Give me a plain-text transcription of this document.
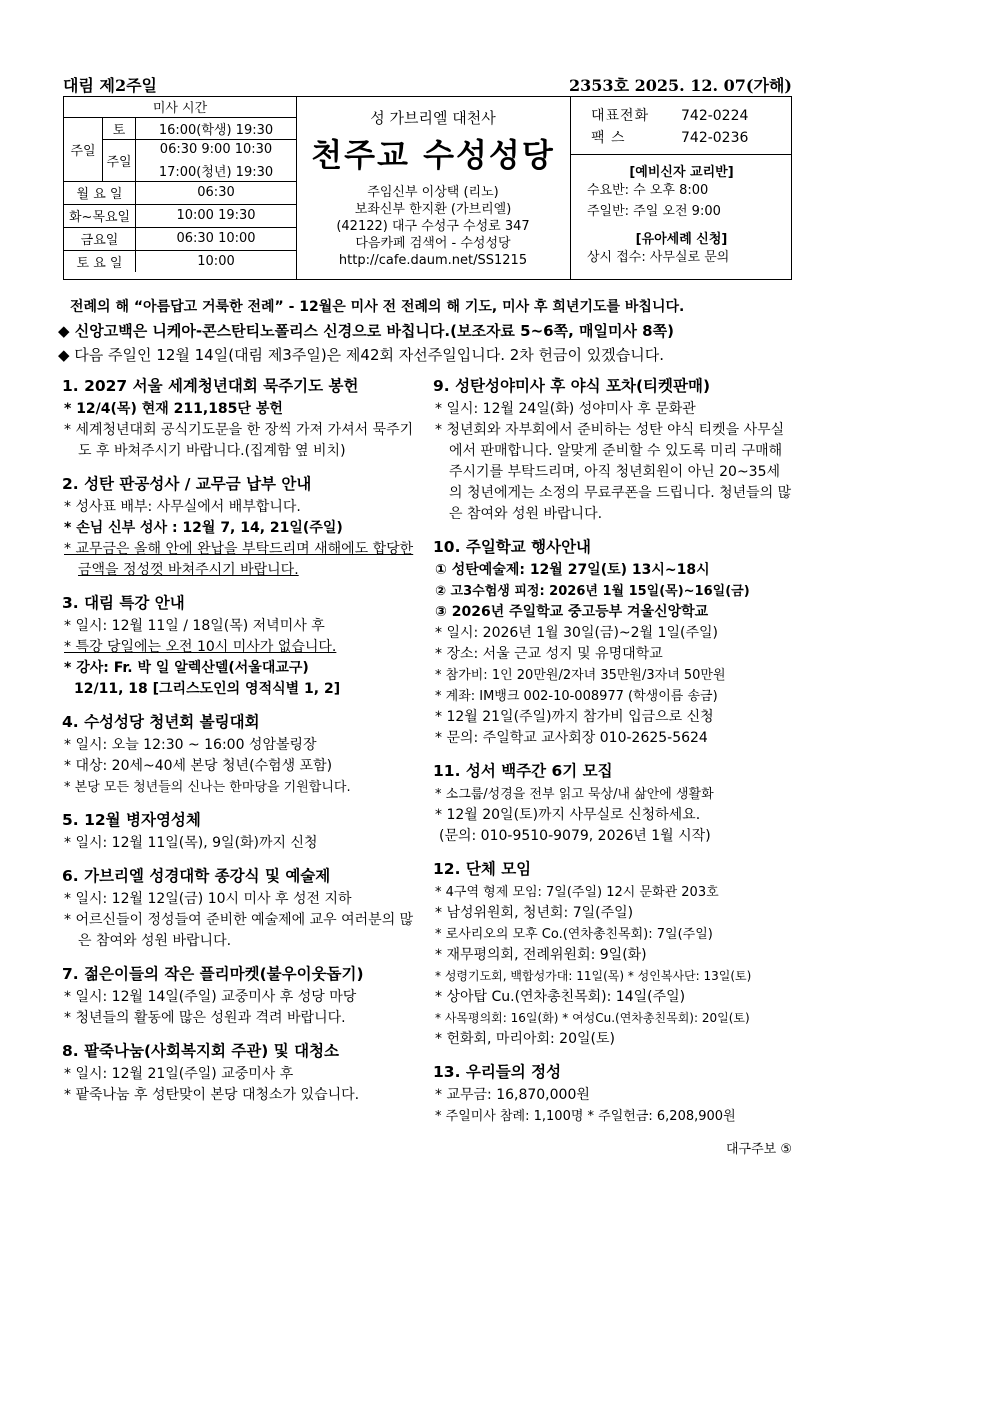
대림 제2주일	2353호 2025. 12. 07(가해)
미사 시간		
주일	토	16:00(학생) 19:30
	주일	06:30 9:00 10:30
		17:00(청년) 19:30
월 요 일		06:30
화~목요일		10:00 19:30
금요일		06:30 10:00
토 요 일		10:00
성 가브리엘 대천사
천주교 수성성당
주임신부 이상택 (리노)
보좌신부 한지환 (가브리엘)
(42122) 대구 수성구 수성로 347
다음카페 검색어 - 수성성당
http://cafe.daum.net/SS1215
대표전화 742-0224
팩 스	742-0236
[예비신자 교리반]
수요반: 수 오후 8:00
주일반: 주일 오전 9:00
[유아세례 신청]
상시 접수: 사무실로 문의
전례의 해 “아름답고 거룩한 전례” - 12월은 미사 전 전례의 해 기도, 미사 후 희년기도를 바칩니다.
◆ 신앙고백은 니케아-콘스탄티노폴리스 신경으로 바칩니다.(보조자료 5~6쪽, 매일미사 8쪽)
◆ 다음 주일인 12월 14일(대림 제3주일)은 제42회 자선주일입니다. 2차 헌금이 있겠습니다.
1. 2027 서울 세계청년대회 묵주기도 봉헌
* 12/4(목) 현재 211,185단 봉헌
* 세계청년대회 공식기도문을 한 장씩 가져 가셔서 묵주기도 후 바쳐주시기 바랍니다.(집계함 옆 비치)
2. 성탄 판공성사 / 교무금 납부 안내
* 성사표 배부: 사무실에서 배부합니다.
* 손님 신부 성사 : 12월 7, 14, 21일(주일)
* 교무금은 올해 안에 완납을 부탁드리며 새해에도 합당한 금액을 정성껏 바쳐주시기 바랍니다.
3. 대림 특강 안내
* 일시: 12월 11일 / 18일(목) 저녁미사 후
* 특강 당일에는 오전 10시 미사가 없습니다.
* 강사: Fr. 박 일 알렉산델(서울대교구)
12/11, 18 [그리스도인의 영적식별 1, 2]
4. 수성성당 청년회 볼링대회
* 일시: 오늘 12:30 ~ 16:00 성암볼링장
* 대상: 20세~40세 본당 청년(수험생 포함)
* 본당 모든 청년들의 신나는 한마당을 기원합니다.
5. 12월 병자영성체
* 일시: 12월 11일(목), 9일(화)까지 신청
6. 가브리엘 성경대학 종강식 및 예술제
* 일시: 12월 12일(금) 10시 미사 후 성전 지하
* 어르신들이 정성들여 준비한 예술제에 교우 여러분의 많은 참여와 성원 바랍니다.
7. 젊은이들의 작은 플리마켓(불우이웃돕기)
* 일시: 12월 14일(주일) 교중미사 후 성당 마당
* 청년들의 활동에 많은 성원과 격려 바랍니다.
8. 팥죽나눔(사회복지회 주관) 및 대청소
* 일시: 12월 21일(주일) 교중미사 후
* 팥죽나눔 후 성탄맞이 본당 대청소가 있습니다.
9. 성탄성야미사 후 야식 포차(티켓판매)
* 일시: 12월 24일(화) 성야미사 후 문화관
* 청년회와 자부회에서 준비하는 성탄 야식 티켓을 사무실에서 판매합니다. 알맞게 준비할 수 있도록 미리 구매해주시기를 부탁드리며, 아직 청년회원이 아닌 20~35세의 청년에게는 소정의 무료쿠폰을 드립니다. 청년들의 많은 참여와 성원 바랍니다.
10. 주일학교 행사안내
① 성탄예술제: 12월 27일(토) 13시~18시
② 고3수험생 피정: 2026년 1월 15일(목)~16일(금)
③ 2026년 주일학교 중고등부 겨울신앙학교
* 일시: 2026년 1월 30일(금)~2월 1일(주일)
* 장소: 서울 근교 성지 및 유명대학교
* 참가비: 1인 20만원/2자녀 35만원/3자녀 50만원
* 계좌: IM뱅크 002-10-008977 (학생이름 송금)
* 12월 21일(주일)까지 참가비 입금으로 신청
* 문의: 주일학교 교사회장 010-2625-5624
11. 성서 백주간 6기 모집
* 소그룹/성경을 전부 읽고 묵상/내 삶안에 생활화
* 12월 20일(토)까지 사무실로 신청하세요.
(문의: 010-9510-9079, 2026년 1월 시작)
12. 단체 모임
* 4구역 형제 모임: 7일(주일) 12시 문화관 203호
* 남성위원회, 청년회: 7일(주일)
* 로사리오의 모후 Co.(연차총친목회): 7일(주일)
* 재무평의회, 전례위원회: 9일(화)
* 성령기도회, 백합성가대: 11일(목) * 성인복사단: 13일(토)
* 상아탑 Cu.(연차총친목회): 14일(주일)
* 사목평의회: 16일(화) * 여성Cu.(연차총친목회): 20일(토)
* 헌화회, 마리아회: 20일(토)
13. 우리들의 정성
* 교무금: 16,870,000원
* 주일미사 참례: 1,100명 * 주일헌금: 6,208,900원
대구주보 ⑤
